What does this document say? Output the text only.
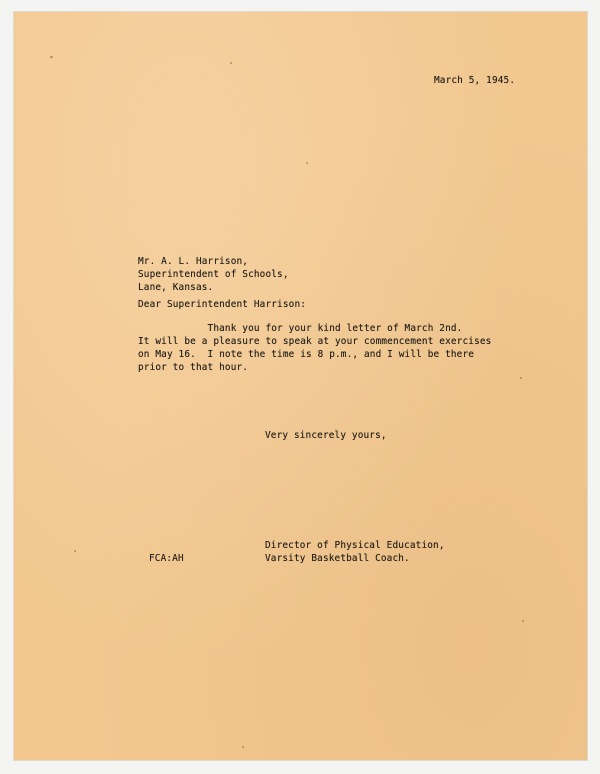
March 5, 1945.

Mr. A. L. Harrison,
Superintendent of Schools,
Lane, Kansas.

Dear Superintendent Harrison:

Thank you for your kind letter of March 2nd.
It will be a pleasure to speak at your commencement exercises
on May 16.  I note the time is 8 p.m., and I will be there
prior to that hour.

Very sincerely yours,

Director of Physical Education,
Varsity Basketball Coach.

FCA:AH
